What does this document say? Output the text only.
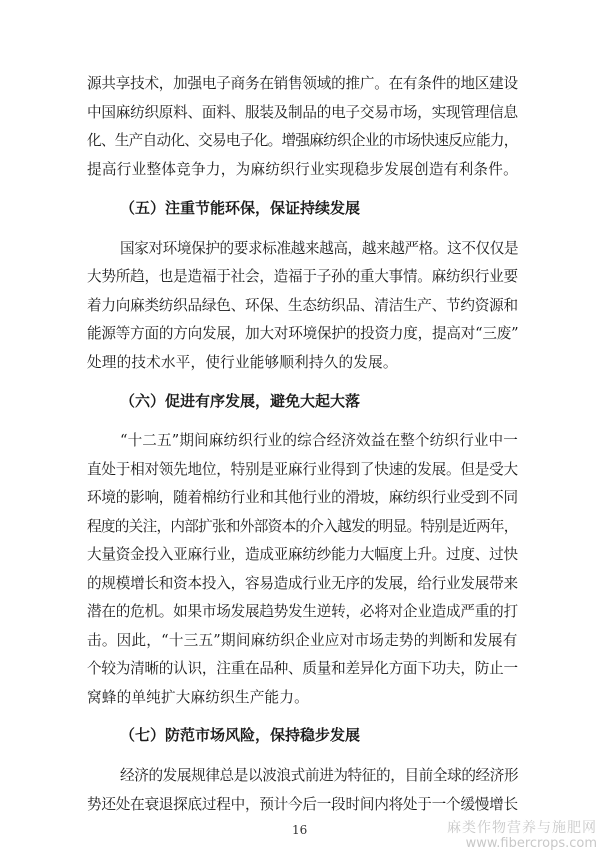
源共享技术，加强电子商务在销售领域的推广。在有条件的地区建设
中国麻纺织原料、面料、服装及制品的电子交易市场，实现管理信息
化、生产自动化、交易电子化。增强麻纺织企业的市场快速反应能力，
提高行业整体竞争力，为麻纺织行业实现稳步发展创造有利条件。
（五）注重节能环保，保证持续发展
国家对环境保护的要求标准越来越高，越来越严格。这不仅仅是
大势所趋，也是造福于社会，造福于子孙的重大事情。麻纺织行业要
着力向麻类纺织品绿色、环保、生态纺织品、清洁生产、节约资源和
能源等方面的方向发展，加大对环境保护的投资力度，提高对“三废”
处理的技术水平，使行业能够顺利持久的发展。
（六）促进有序发展，避免大起大落
“十二五”期间麻纺织行业的综合经济效益在整个纺织行业中一
直处于相对领先地位，特别是亚麻行业得到了快速的发展。但是受大
环境的影响，随着棉纺行业和其他行业的滑坡，麻纺织行业受到不同
程度的关注，内部扩张和外部资本的介入越发的明显。特别是近两年，
大量资金投入亚麻行业，造成亚麻纺纱能力大幅度上升。过度、过快
的规模增长和资本投入，容易造成行业无序的发展，给行业发展带来
潜在的危机。如果市场发展趋势发生逆转，必将对企业造成严重的打
击。因此，“十三五”期间麻纺织企业应对市场走势的判断和发展有
个较为清晰的认识，注重在品种、质量和差异化方面下功夫，防止一
窝蜂的单纯扩大麻纺织生产能力。
（七）防范市场风险，保持稳步发展
经济的发展规律总是以波浪式前进为特征的，目前全球的经济形
势还处在衰退探底过程中，预计今后一段时间内将处于一个缓慢增长
16	麻类作物营养与施肥网
www.fibercrops.com
